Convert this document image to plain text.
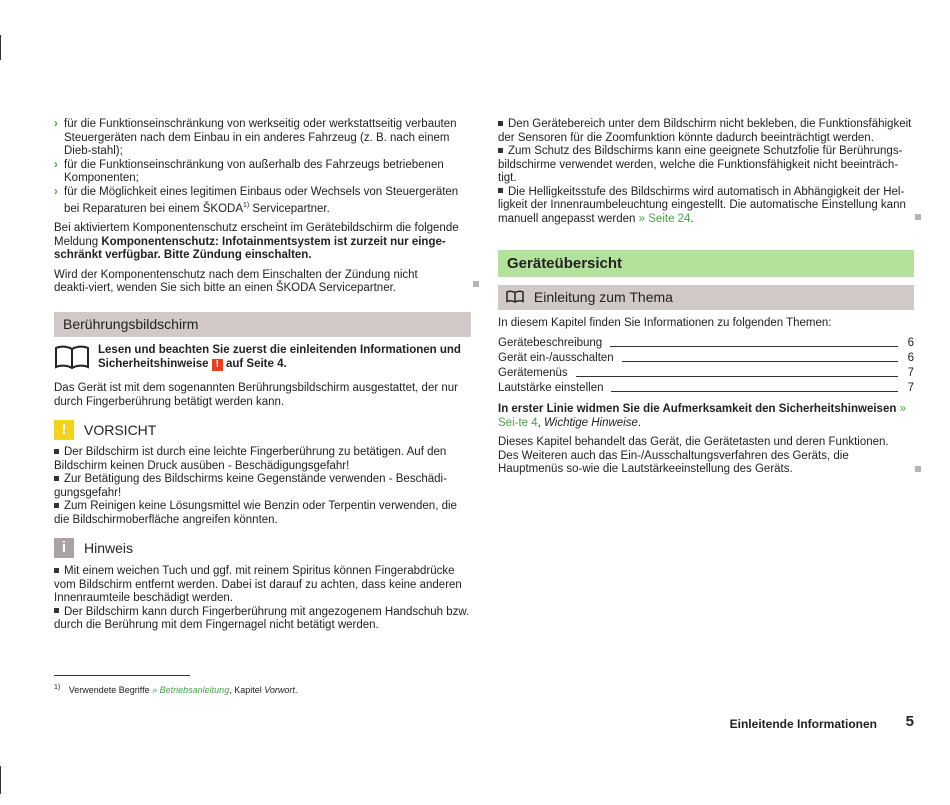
› für die Funktionseinschränkung von werkseitig oder werkstattseitig verbauten Steuergeräten nach dem Einbau in ein anderes Fahrzeug (z. B. nach einem Dieb-stahl);
› für die Funktionseinschränkung von außerhalb des Fahrzeugs betriebenen Komponenten;
› für die Möglichkeit eines legitimen Einbaus oder Wechsels von Steuergeräten bei Reparaturen bei einem ŠKODA$^{1)}$ Servicepartner.

Bei aktiviertem Komponentenschutz erscheint im Gerätebildschirm die folgende Meldung Komponentenschutz: Infotainmentsystem ist zurzeit nur einge-schränkt verfügbar. Bitte Zündung einschalten.

Wird der Komponentenschutz nach dem Einschalten der Zündung nicht deakti-viert, wenden Sie sich bitte an einen ŠKODA Servicepartner.

Berührungsbildschirm

Lesen und beachten Sie zuerst die einleitenden Informationen und Sicherheitshinweise ! auf Seite 4.

Das Gerät ist mit dem sogenannten Berührungsbildschirm ausgestattet, der nur durch Fingerberührung betätigt werden kann.

!	VORSICHT

Der Bildschirm ist durch eine leichte Fingerberührung zu betätigen. Auf den Bildschirm keinen Druck ausüben - Beschädigungsgefahr!

Zur Betätigung des Bildschirms keine Gegenstände verwenden - Beschädi-gungsgefahr!

Zum Reinigen keine Lösungsmittel wie Benzin oder Terpentin verwenden, die die Bildschirmoberfläche angreifen könnten.

i	Hinweis

Mit einem weichen Tuch und ggf. mit reinem Spiritus können Fingerabdrücke vom Bildschirm entfernt werden. Dabei ist darauf zu achten, dass keine anderen Innenraumteile beschädigt werden.

Der Bildschirm kann durch Fingerberührung mit angezogenem Handschuh bzw. durch die Berührung mit dem Fingernagel nicht betätigt werden.

$^{1)}$ Verwendete Begriffe » Betriebsanleitung, Kapitel Vorwort.

Den Gerätebereich unter dem Bildschirm nicht bekleben, die Funktionsfähigkeit der Sensoren für die Zoomfunktion könnte dadurch beeinträchtigt werden.

Zum Schutz des Bildschirms kann eine geeignete Schutzfolie für Berührungs-bildschirme verwendet werden, welche die Funktionsfähigkeit nicht beeinträch-tigt.

Die Helligkeitsstufe des Bildschirms wird automatisch in Abhängigkeit der Hel-ligkeit der Innenraumbeleuchtung eingestellt. Die automatische Einstellung kann manuell angepasst werden » Seite 24.

Geräteübersicht
Einleitung zum Thema

In diesem Kapitel finden Sie Informationen zu folgenden Themen:

Gerätebeschreibung	6
Gerät ein-/ausschalten	6
Gerätemenüs	7
Lautstärke einstellen	7

In erster Linie widmen Sie die Aufmerksamkeit den Sicherheitshinweisen » Sei-te 4, Wichtige Hinweise.

Dieses Kapitel behandelt das Gerät, die Gerätetasten und deren Funktionen. Des Weiteren auch das Ein-/Ausschaltungsverfahren des Geräts, die Hauptmenüs so-wie die Lautstärkeeinstellung des Geräts.

Einleitende Informationen 5
